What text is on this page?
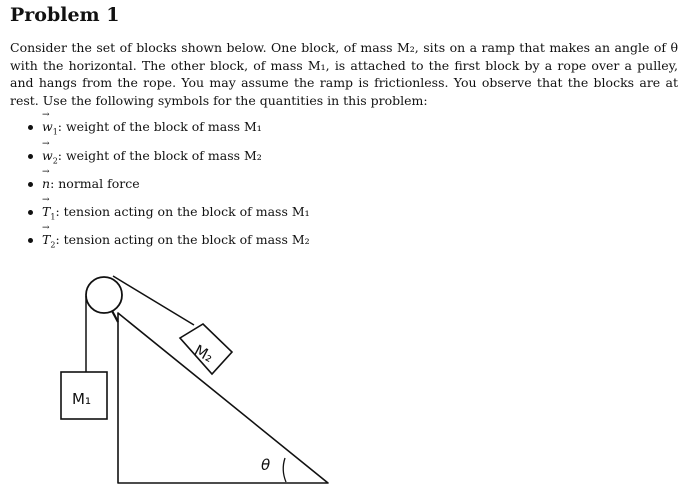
Problem 1

Consider the set of blocks shown below. One block, of mass M₂, sits on a ramp that makes an angle of θ with the horizontal. The other block, of mass M₁, is attached to the first block by a rope over a pulley, and hangs from the rope. You may assume the ramp is frictionless. You observe that the blocks are at rest. Use the following symbols for the quantities in this problem:

→ $w_1$: weight of the block of mass M₁
→ $w_2$: weight of the block of mass M₂
→ n: normal force
→ $T_1$: tension acting on the block of mass M₁
→ $T_2$: tension acting on the block of mass M₂
M₁
M₂
θ
